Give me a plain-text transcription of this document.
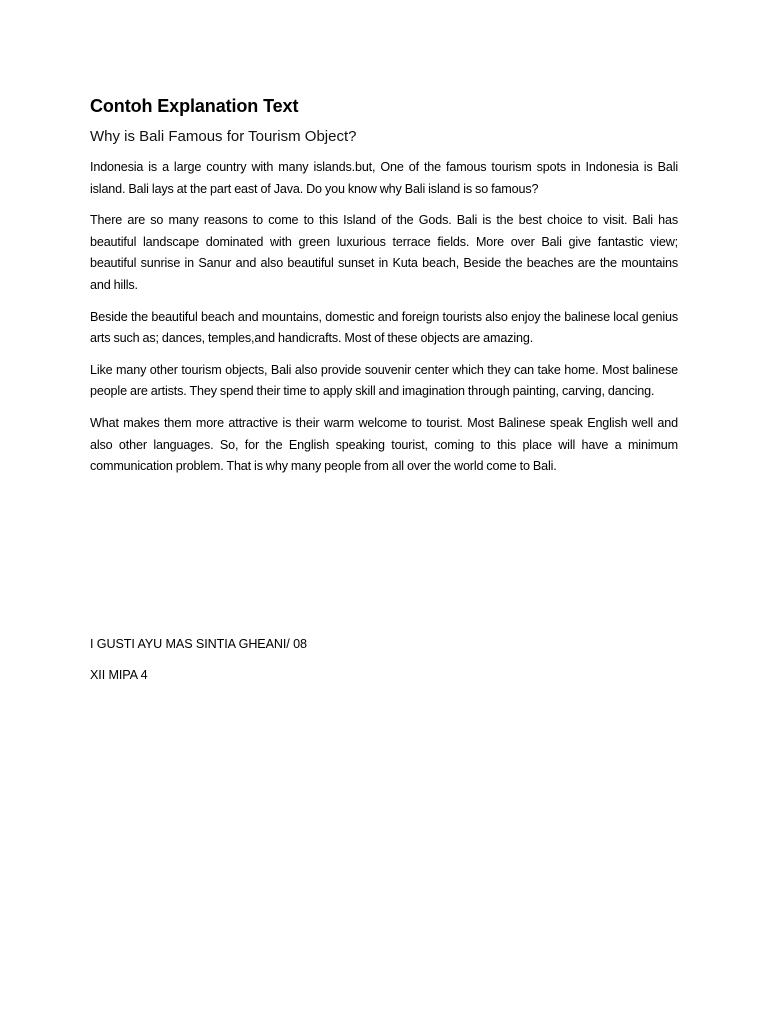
Contoh Explanation Text
Why is Bali Famous for Tourism Object?

Indonesia is a large country with many islands.but, One of the famous tourism spots in Indonesia is Bali island. Bali lays at the part east of Java. Do you know why Bali island is so famous?

There are so many reasons to come to this Island of the Gods. Bali is the best choice to visit. Bali has beautiful landscape dominated with green luxurious terrace fields. More over Bali give fantastic view; beautiful sunrise in Sanur and also beautiful sunset in Kuta beach, Beside the beaches are the mountains and hills.

Beside the beautiful beach and mountains, domestic and foreign tourists also enjoy the balinese local genius arts such as; dances, temples,and handicrafts. Most of these objects are amazing.

Like many other tourism objects, Bali also provide souvenir center which they can take home. Most balinese people are artists. They spend their time to apply skill and imagination through painting, carving, dancing.

What makes them more attractive is their warm welcome to tourist. Most Balinese speak English well and also other languages. So, for the English speaking tourist, coming to this place will have a minimum communication problem. That is why many people from all over the world come to Bali.

I GUSTI AYU MAS SINTIA GHEANI/ 08
XII MIPA 4
